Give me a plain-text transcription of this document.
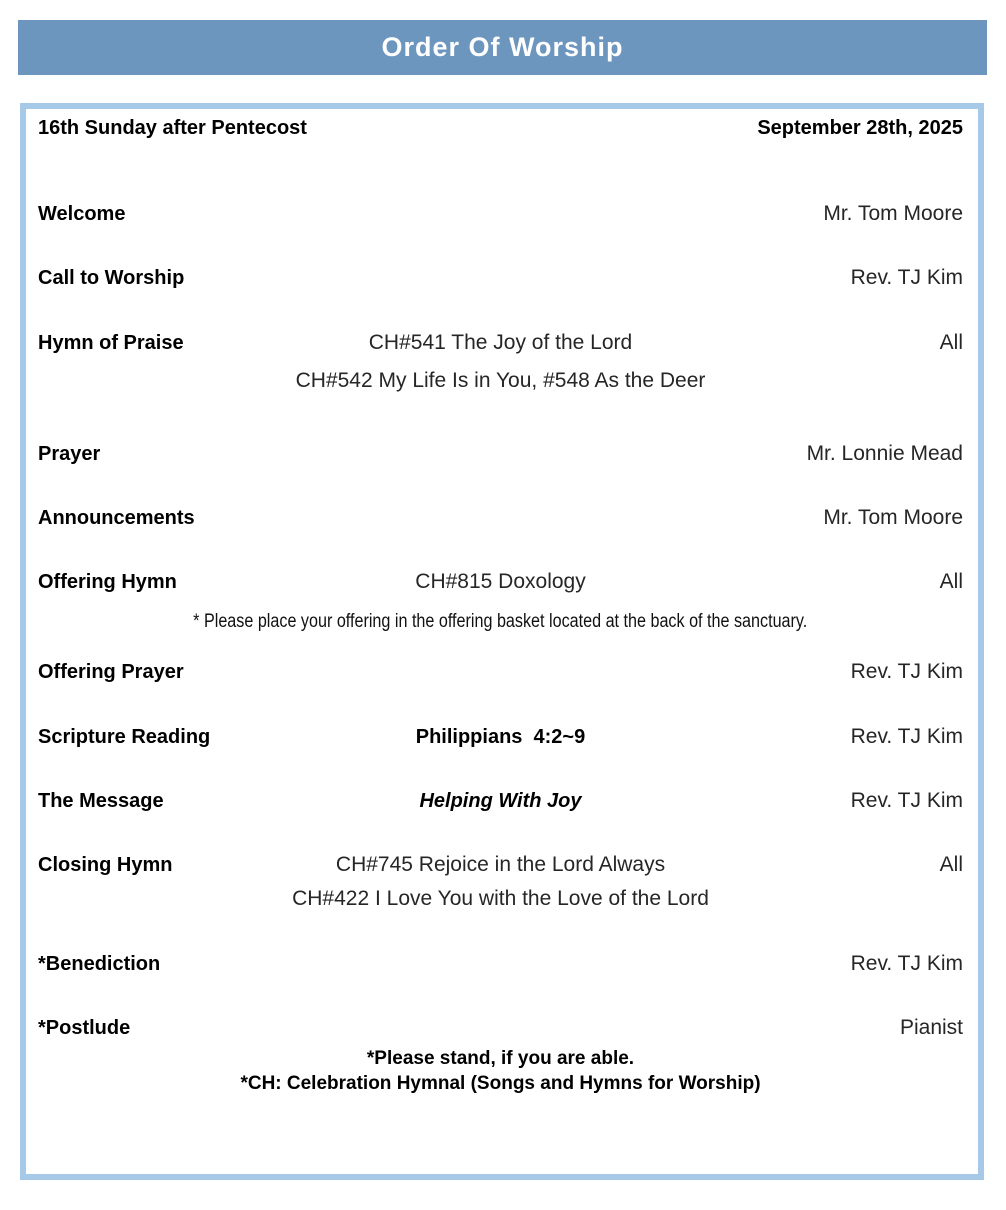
Order Of Worship
16th Sunday after Pentecost	September 28th, 2025
Welcome	Mr. Tom Moore
Call to Worship	Rev. TJ Kim
Hymn of Praise	CH#541 The Joy of the Lord	All
CH#542 My Life Is in You, #548 As the Deer
Prayer	Mr. Lonnie Mead
Announcements	Mr. Tom Moore
Offering Hymn	CH#815 Doxology	All
* Please place your offering in the offering basket located at the back of the sanctuary.
Offering Prayer	Rev. TJ Kim
Scripture Reading	Philippians  4:2~9	Rev. TJ Kim
The Message	Helping With Joy	Rev. TJ Kim
Closing Hymn	CH#745 Rejoice in the Lord Always	All
CH#422 I Love You with the Love of the Lord
*Benediction	Rev. TJ Kim
*Postlude	Pianist
*Please stand, if you are able.
*CH: Celebration Hymnal (Songs and Hymns for Worship)
